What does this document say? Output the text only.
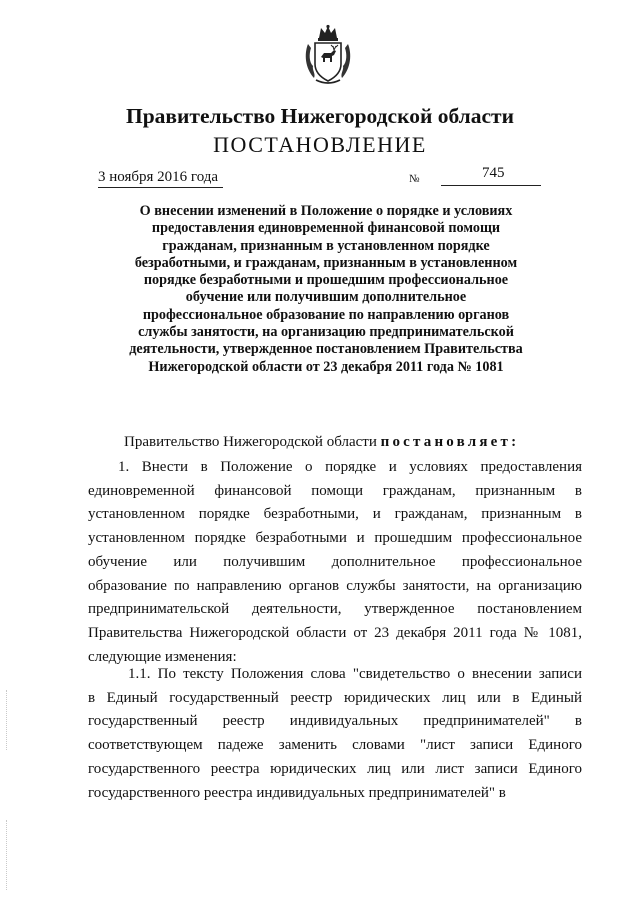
Правительство Нижегородской области
ПОСТАНОВЛЕНИЕ
3 ноября 2016 года	№	745
О внесении изменений в Положение о порядке и условиях
предоставления единовременной финансовой помощи
гражданам, признанным в установленном порядке
безработными, и гражданам, признанным в установленном
порядке безработными и прошедшим профессиональное
обучение или получившим дополнительное
профессиональное образование по направлению органов
службы занятости, на организацию предпринимательской
деятельности, утвержденное постановлением Правительства
Нижегородской области от 23 декабря 2011 года № 1081
Правительство Нижегородской области постановляет:
1. Внести в Положение о порядке и условиях предоставления
единовременной финансовой помощи гражданам, признанным в
установленном порядке безработными, и гражданам, признанным в
установленном порядке безработными и прошедшим профессиональное
обучение или получившим дополнительное профессиональное
образование по направлению органов службы занятости, на организацию
предпринимательской деятельности, утвержденное постановлением
Правительства Нижегородской области от 23 декабря 2011 года № 1081,
следующие изменения:
1.1. По тексту Положения слова "свидетельство о внесении записи
в Единый государственный реестр юридических лиц или в Единый
государственный реестр индивидуальных предпринимателей" в
соответствующем падеже заменить словами "лист записи Единого
государственного реестра юридических лиц или лист записи Единого
государственного реестра индивидуальных предпринимателей" в
